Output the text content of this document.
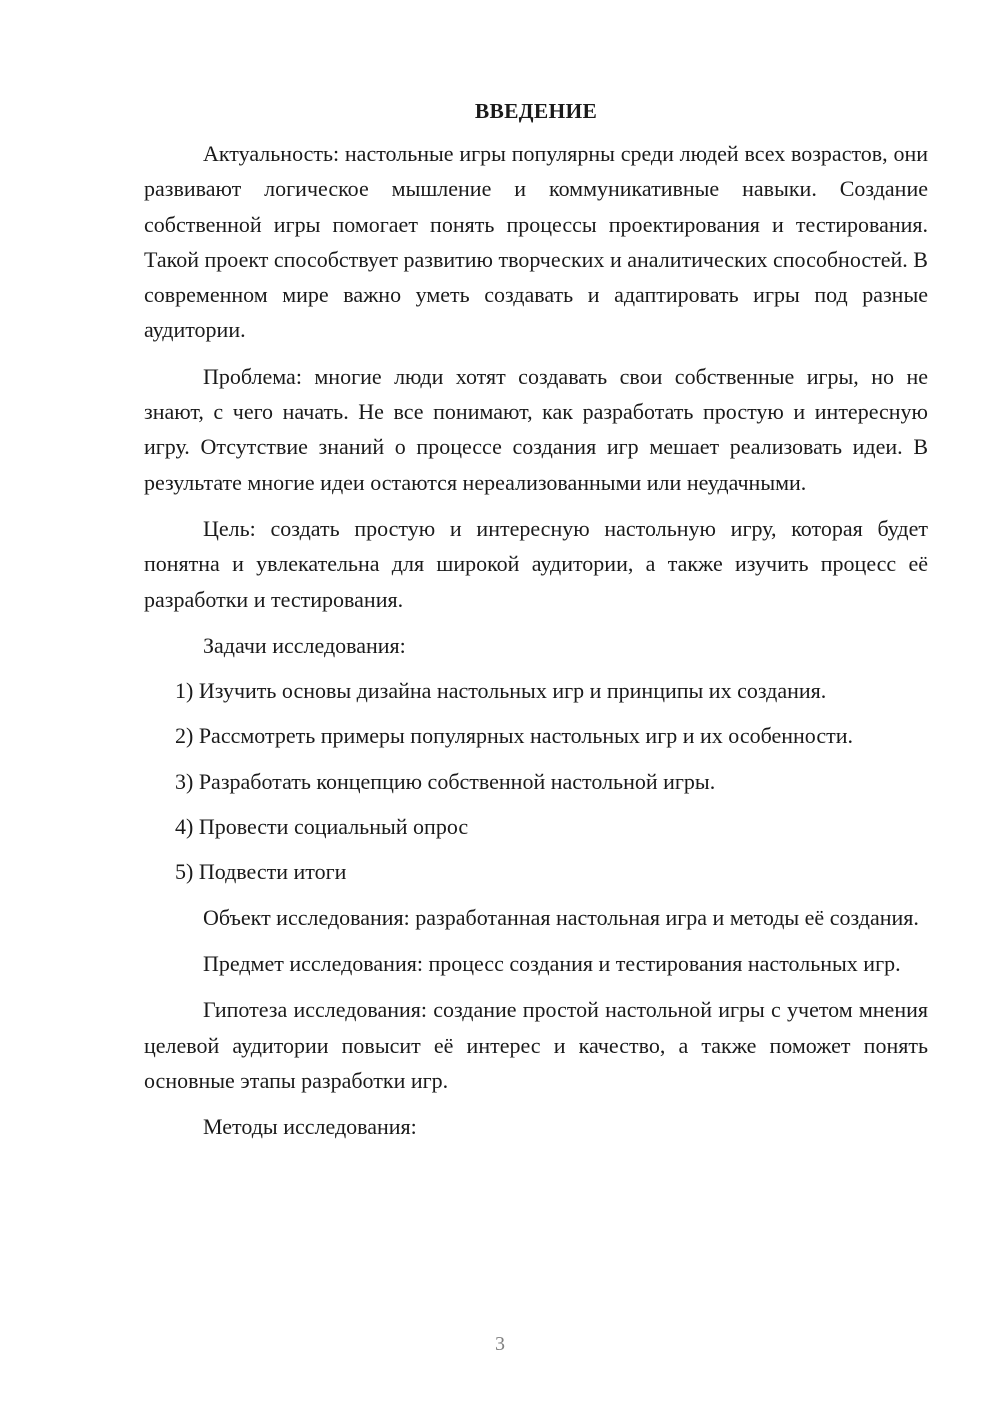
ВВЕДЕНИЕ

Актуальность: настольные игры популярны среди людей всех возрастов, они развивают логическое мышление и коммуникативные навыки. Создание собственной игры помогает понять процессы проектирования и тестирования. Такой проект способствует развитию творческих и аналитических способностей. В современном мире важно уметь создавать и адаптировать игры под разные аудитории.

Проблема: многие люди хотят создавать свои собственные игры, но не знают, с чего начать. Не все понимают, как разработать простую и интересную игру. Отсутствие знаний о процессе создания игр мешает реализовать идеи. В результате многие идеи остаются нереализованными или неудачными.

Цель: создать простую и интересную настольную игру, которая будет понятна и увлекательна для широкой аудитории, а также изучить процесс её разработки и тестирования.

Задачи исследования:

1) Изучить основы дизайна настольных игр и принципы их создания.

2) Рассмотреть примеры популярных настольных игр и их особенности.

3) Разработать концепцию собственной настольной игры.

4) Провести социальный опрос

5) Подвести итоги

Объект исследования: разработанная настольная игра и методы её создания.

Предмет исследования: процесс создания и тестирования настольных игр.

Гипотеза исследования: создание простой настольной игры с учетом мнения целевой аудитории повысит её интерес и качество, а также поможет понять основные этапы разработки игр.

Методы исследования:

3
